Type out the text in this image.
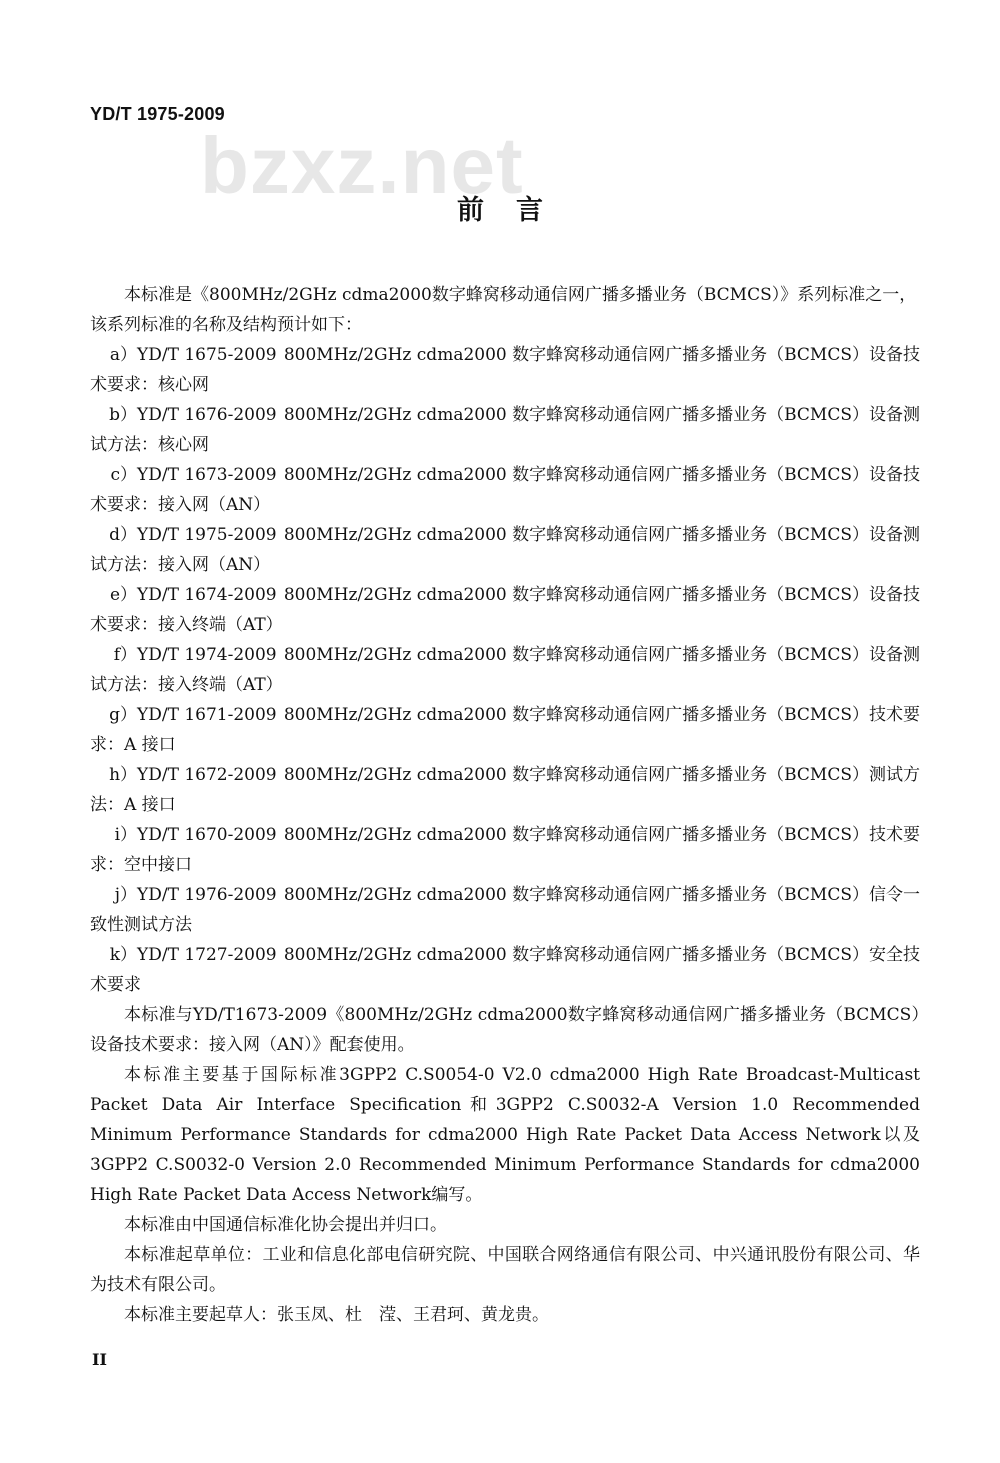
YD/T 1975-2009
bzxz.net
前言

本标准是《800MHz/2GHz cdma2000数字蜂窝移动通信网广播多播业务（BCMCS）》系列标准之一，

该系列标准的名称及结构预计如下：
a） YD/T 1675-2009 800MHz/2GHz cdma2000 数字蜂窝移动通信网广播多播业务（BCMCS）设备技
术要求：核心网
b） YD/T 1676-2009 800MHz/2GHz cdma2000 数字蜂窝移动通信网广播多播业务（BCMCS）设备测
试方法：核心网
c） YD/T 1673-2009 800MHz/2GHz cdma2000 数字蜂窝移动通信网广播多播业务（BCMCS）设备技
术要求：接入网（AN）
d） YD/T 1975-2009 800MHz/2GHz cdma2000 数字蜂窝移动通信网广播多播业务（BCMCS）设备测
试方法：接入网（AN）
e） YD/T 1674-2009 800MHz/2GHz cdma2000 数字蜂窝移动通信网广播多播业务（BCMCS）设备技
术要求：接入终端（AT）
f） YD/T 1974-2009 800MHz/2GHz cdma2000 数字蜂窝移动通信网广播多播业务（BCMCS）设备测
试方法：接入终端（AT）
g） YD/T 1671-2009 800MHz/2GHz cdma2000 数字蜂窝移动通信网广播多播业务（BCMCS）技术要
求：A 接口
h） YD/T 1672-2009 800MHz/2GHz cdma2000 数字蜂窝移动通信网广播多播业务（BCMCS）测试方
法：A 接口
i） YD/T 1670-2009 800MHz/2GHz cdma2000 数字蜂窝移动通信网广播多播业务（BCMCS）技术要
求：空中接口
j） YD/T 1976-2009 800MHz/2GHz cdma2000 数字蜂窝移动通信网广播多播业务（BCMCS）信令一
致性测试方法
k） YD/T 1727-2009 800MHz/2GHz cdma2000 数字蜂窝移动通信网广播多播业务（BCMCS）安全技
术要求

本标准与YD/T1673-2009《800MHz/2GHz cdma2000数字蜂窝移动通信网广播多播业务（BCMCS）设备技术要求：接入网（AN）》配套使用。

本标准主要基于国际标准3GPP2 C.S0054-0 V2.0 cdma2000 High Rate Broadcast-Multicast Packet Data Air Interface Specification和3GPP2 C.S0032-A Version 1.0 Recommended Minimum Performance Standards for cdma2000 High Rate Packet Data Access Network以及3GPP2 C.S0032-0 Version 2.0 Recommended Minimum Performance Standards for cdma2000 High Rate Packet Data Access Network编写。

本标准由中国通信标准化协会提出并归口。

本标准起草单位：工业和信息化部电信研究院、中国联合网络通信有限公司、中兴通讯股份有限公司、华为技术有限公司。

本标准主要起草人：张玉凤、杜　滢、王君珂、黄龙贵。

II
